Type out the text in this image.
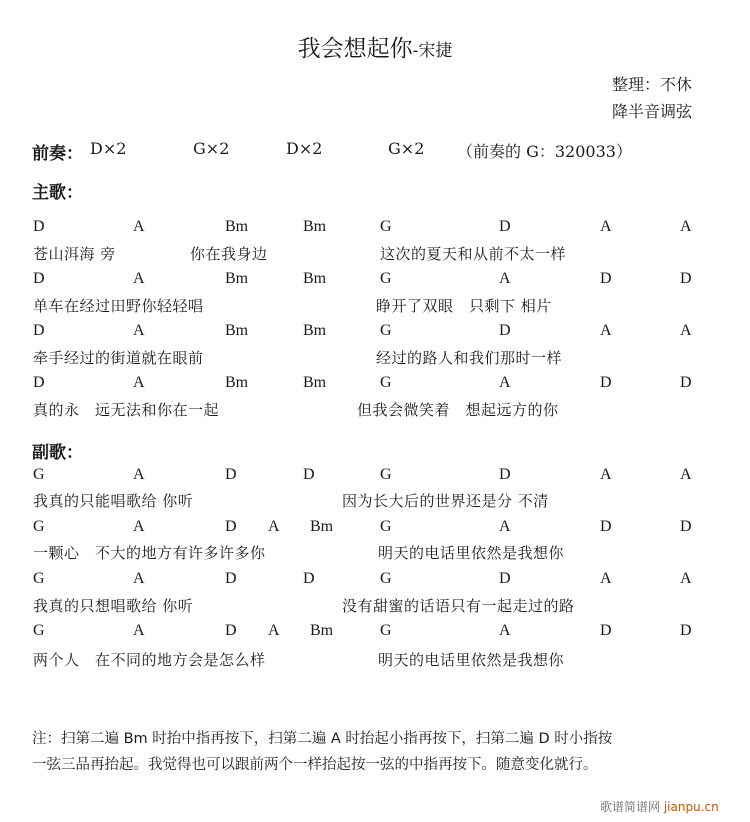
我会想起你-宋捷
整理：不休
降半音调弦
前奏： D×2	G×2	D×2	G×2 （前奏的 G：320033）
主歌：
副歌：
D	A	Bm	Bm	G	D	A	A
苍山洱海 旁	你在我身边	这次的夏天和从前不太一样
D	A	Bm	Bm	G	A	D	D
单车在经过田野你轻轻唱	睁开了双眼　只剩下 相片
D	A	Bm	Bm	G	D	A	A
牵手经过的街道就在眼前	经过的路人和我们那时一样
D	A	Bm	Bm	G	A	D	D
真的永　远无法和你在一起	但我会微笑着　想起远方的你
G	A	D	D	G	D	A	A
我真的只能唱歌给 你听	因为长大后的世界还是分 不清
G	A	D A Bm	G	A	D	D
一颗心　不大的地方有许多许多你	明天的电话里依然是我想你
G	A	D	D	G	D	A	A
我真的只想唱歌给 你听	没有甜蜜的话语只有一起走过的路
G	A	D A Bm	G	A	D	D
两个人　在不同的地方会是怎么样	明天的电话里依然是我想你
注：扫第二遍 Bm 时抬中指再按下，扫第二遍 A 时抬起小指再按下，扫第二遍 D 时小指按
一弦三品再抬起。我觉得也可以跟前两个一样抬起按一弦的中指再按下。随意变化就行。
歌谱简谱网 jianpu.cn
